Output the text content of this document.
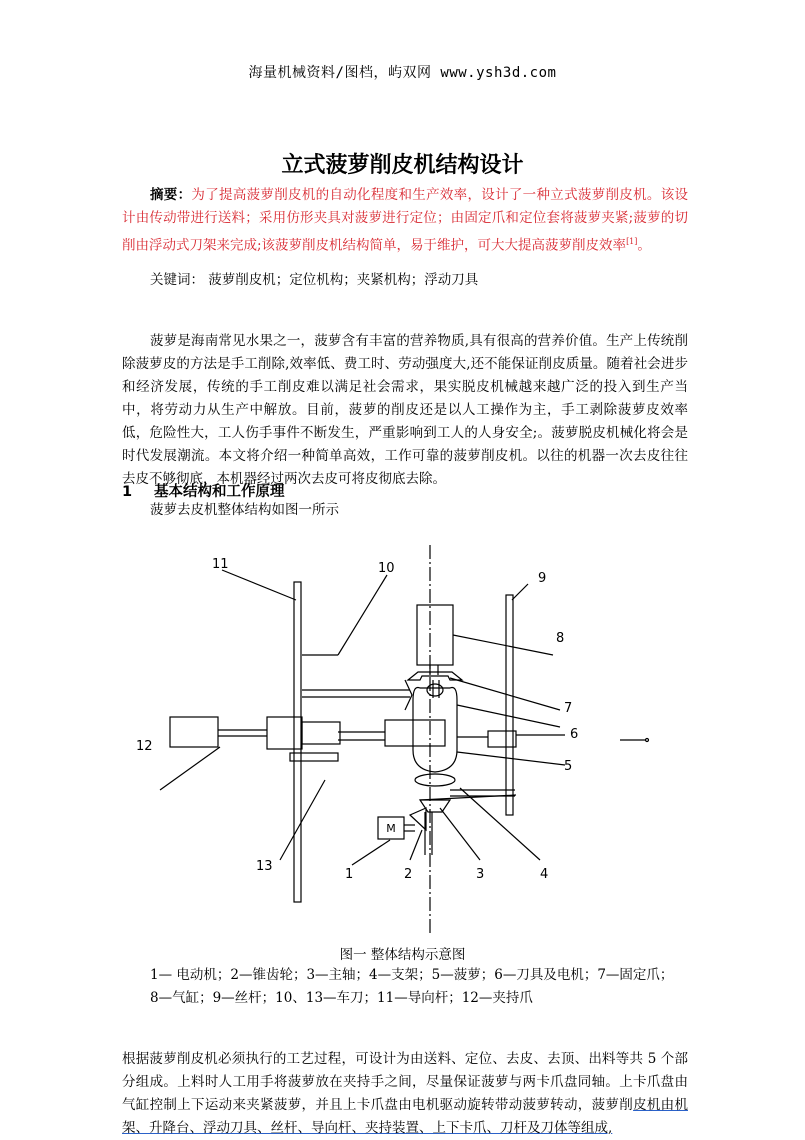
海量机械资料/图档，屿双网 www.ysh3d.com
立式菠萝削皮机结构设计
摘要：为了提高菠萝削皮机的自动化程度和生产效率，设计了一种立式菠萝削皮机。该设计由传动带进行送料；采用仿形夹具对菠萝进行定位；由固定爪和定位套将菠萝夹紧;菠萝的切削由浮动式刀架来完成;该菠萝削皮机结构简单，易于维护，可大大提高菠萝削皮效率[1]。
关键词： 菠萝削皮机；定位机构；夹紧机构；浮动刀具
菠萝是海南常见水果之一，菠萝含有丰富的营养物质,具有很高的营养价值。生产上传统削除菠萝皮的方法是手工削除,效率低、费工时、劳动强度大,还不能保证削皮质量。随着社会进步和经济发展，传统的手工削皮难以满足社会需求，果实脱皮机械越来越广泛的投入到生产当中，将劳动力从生产中解放。目前，菠萝的削皮还是以人工操作为主，手工剥除菠萝皮效率低，危险性大，工人伤手事件不断发生，严重影响到工人的人身安全;。菠萝脱皮机械化将会是时代发展潮流。本文将介绍一种简单高效，工作可靠的菠萝削皮机。以往的机器一次去皮往往去皮不够彻底，本机器经过两次去皮可将皮彻底去除。
1 基本结构和工作原理
菠萝去皮机整体结构如图一所示
1	2	3	4
5
6
7
8
9
10
11
12
13
M
图一 整体结构示意图
1— 电动机；2—锥齿轮；3—主轴；4—支架；5—菠萝；6—刀具及电机；7—固定爪；
8—气缸；9—丝杆；10、13—车刀；11—导向杆；12—夹持爪
根据菠萝削皮机必须执行的工艺过程，可设计为由送料、定位、去皮、去顶、出料等共 5 个部分组成。上料时人工用手将菠萝放在夹持手之间，尽量保证菠萝与两卡爪盘同轴。上卡爪盘由气缸控制上下运动来夹紧菠萝，并且上卡爪盘由电机驱动旋转带动菠萝转动，菠萝削皮机由机架、升降台、浮动刀具、丝杆、导向杆、夹持装置、上下卡爪、刀杆及刀体等组成,
